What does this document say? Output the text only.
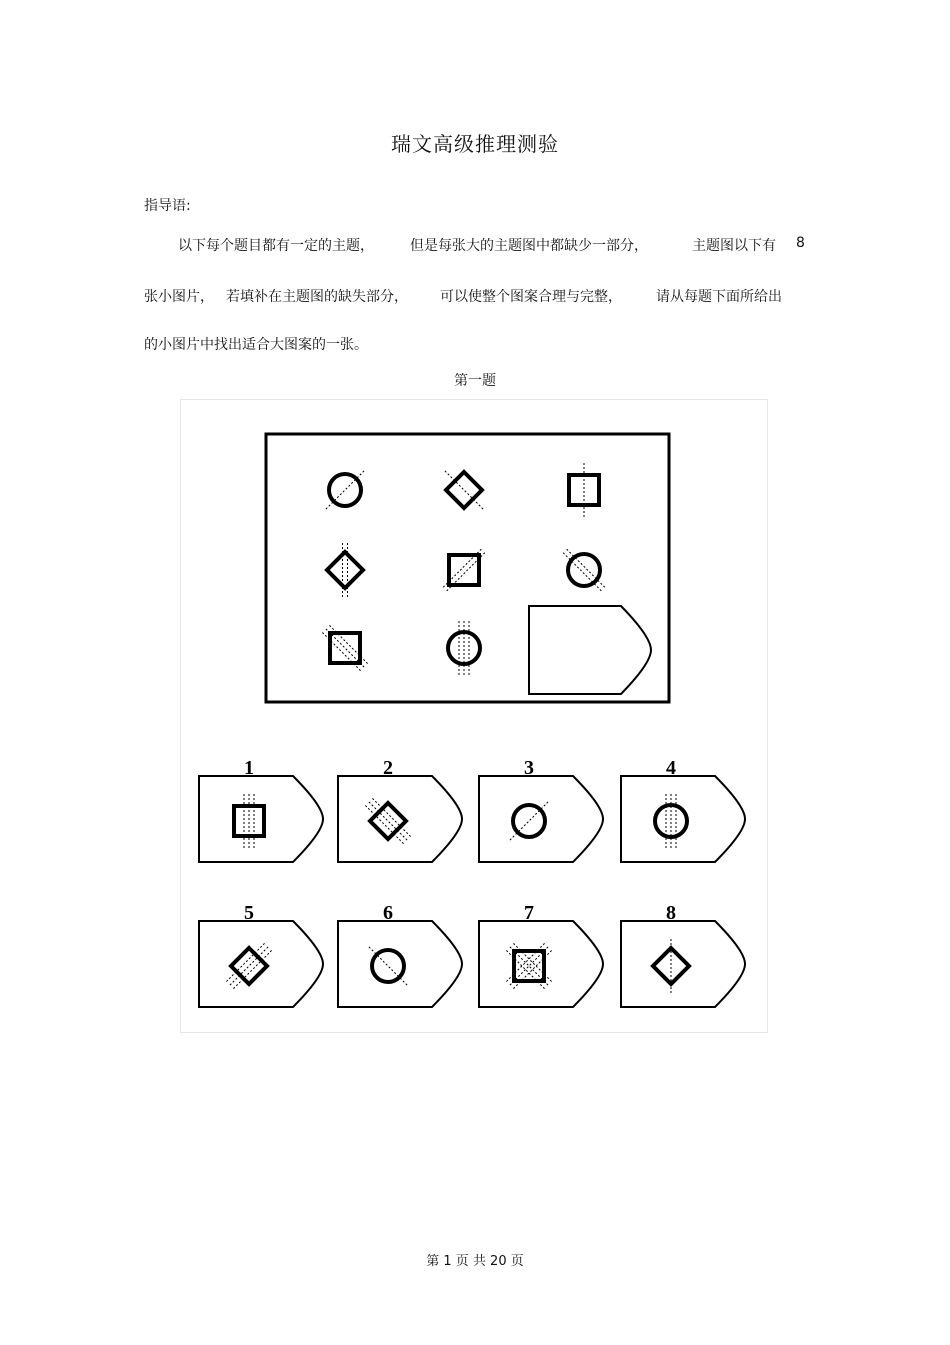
瑞文高级推理测验
指导语:
以下每个题目都有一定的主题，	但是每张大的主题图中都缺少一部分，	主题图以下有 8
张小图片， 若填补在主题图的缺失部分， 可以使整个图案合理与完整， 请从每题下面所给出
的小图片中找出适合大图案的一张。
第一题
1	2	3	4
5	6	7	8
第 1 页 共 20 页
